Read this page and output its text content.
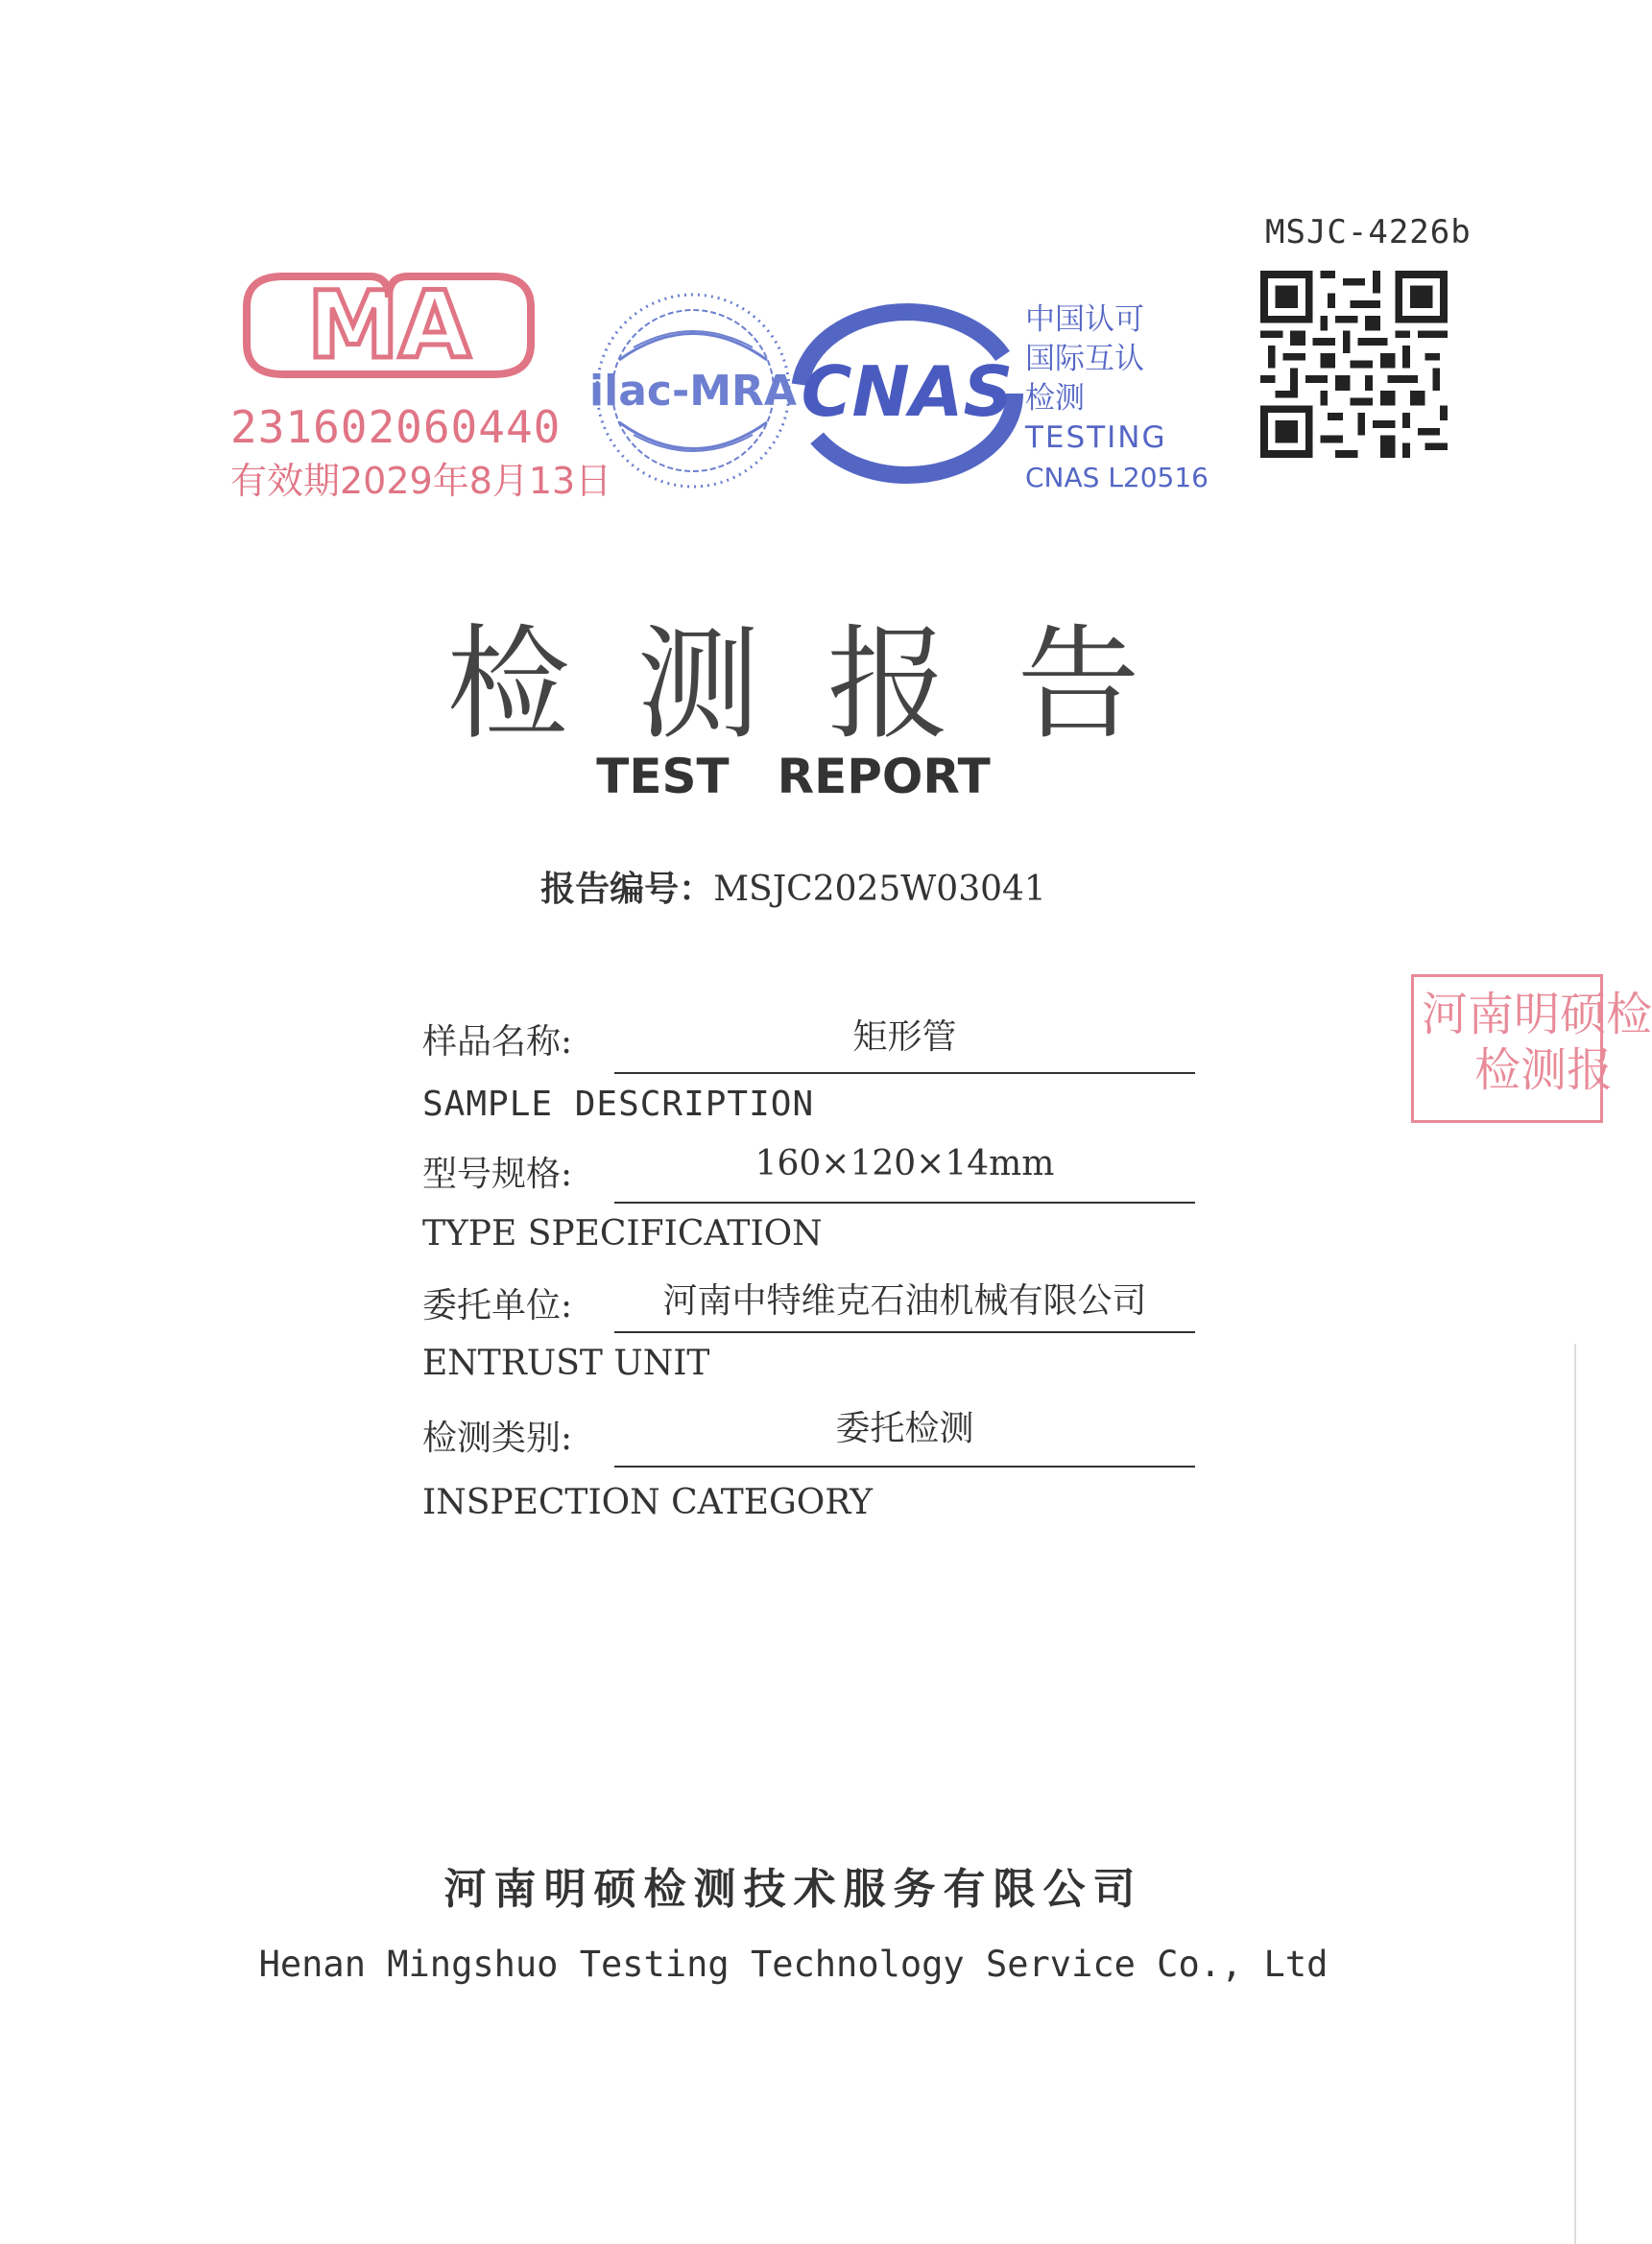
MSJC-4226b
MA
231602060440
有效期2029年8月13日
ilac-MRA CNAS
中国认可
国际互认
检测
TESTING
CNAS L20516
检测报告
TEST REPORT
报告编号：MSJC2025W03041
样品名称:	矩形管
SAMPLE DESCRIPTION
型号规格:	160×120×14mm
TYPE SPECIFICATION
委托单位:	河南中特维克石油机械有限公司
ENTRUST UNIT
检测类别:	委托检测
INSPECTION CATEGORY
河南明硕检
检测报
河南明硕检测技术服务有限公司
Henan Mingshuo Testing Technology Service Co., Ltd
